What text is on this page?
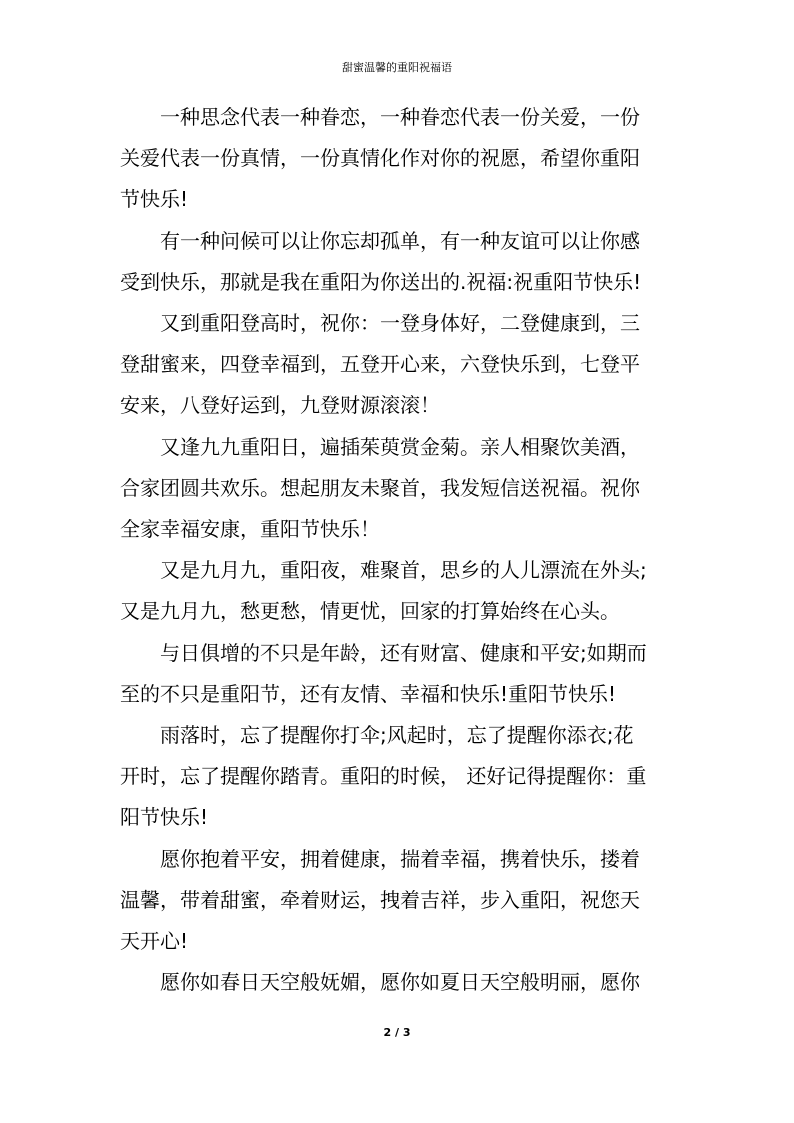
甜蜜温馨的重阳祝福语

一种思念代表一种眷恋，一种眷恋代表一份关爱，一份
关爱代表一份真情，一份真情化作对你的祝愿，希望你重阳
节快乐!

有一种问候可以让你忘却孤单，有一种友谊可以让你感
受到快乐，那就是我在重阳为你送出的.祝福:祝重阳节快乐!

又到重阳登高时，祝你：一登身体好，二登健康到，三
登甜蜜来，四登幸福到，五登开心来，六登快乐到，七登平
安来，八登好运到，九登财源滚滚！

又逢九九重阳日，遍插茱萸赏金菊。亲人相聚饮美酒，
合家团圆共欢乐。想起朋友未聚首，我发短信送祝福。祝你
全家幸福安康，重阳节快乐！

又是九月九，重阳夜，难聚首，思乡的人儿漂流在外头;
又是九月九，愁更愁，情更忧，回家的打算始终在心头。

与日俱增的不只是年龄，还有财富、健康和平安;如期而
至的不只是重阳节，还有友情、幸福和快乐!重阳节快乐!

雨落时，忘了提醒你打伞;风起时，忘了提醒你添衣;花
开时，忘了提醒你踏青。重阳的时候， 还好记得提醒你：重
阳节快乐!

愿你抱着平安，拥着健康，揣着幸福，携着快乐，搂着
温馨，带着甜蜜，牵着财运，拽着吉祥，步入重阳，祝您天
天开心!

愿你如春日天空般妩媚，愿你如夏日天空般明丽，愿你

2 / 3
